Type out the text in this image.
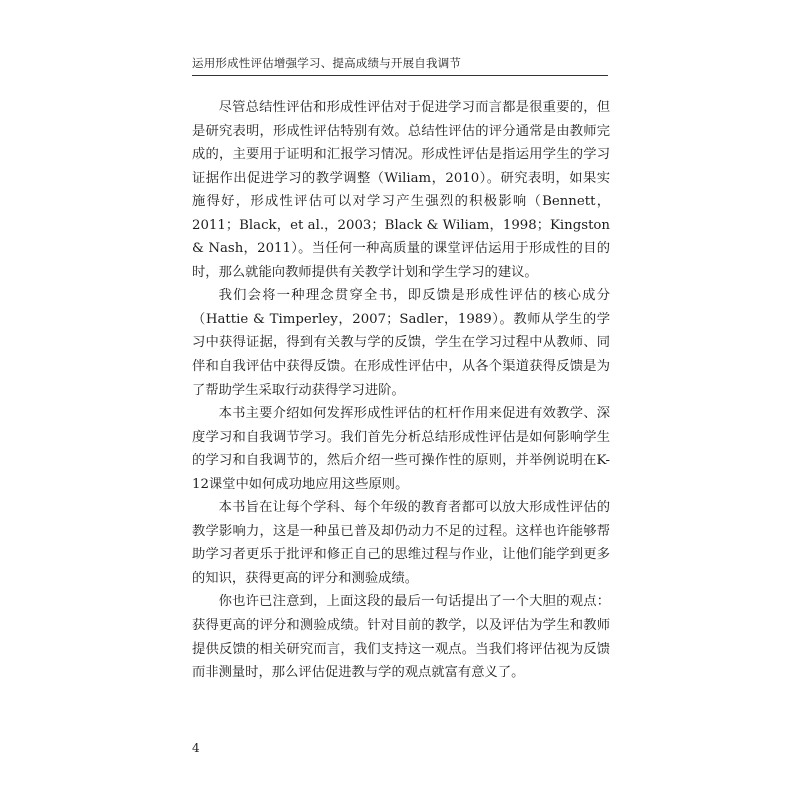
运用形成性评估增强学习、提高成绩与开展自我调节

尽管总结性评估和形成性评估对于促进学习而言都是很重要的，但是研究表明，形成性评估特别有效。总结性评估的评分通常是由教师完成的，主要用于证明和汇报学习情况。形成性评估是指运用学生的学习证据作出促进学习的教学调整（Wiliam，2010）。研究表明，如果实施得好，形成性评估可以对学习产生强烈的积极影响（Bennett，2011；Black，et al.，2003；Black & Wiliam，1998；Kingston & Nash，2011）。当任何一种高质量的课堂评估运用于形成性的目的时，那么就能向教师提供有关教学计划和学生学习的建议。

我们会将一种理念贯穿全书，即反馈是形成性评估的核心成分（Hattie & Timperley，2007；Sadler，1989）。教师从学生的学习中获得证据，得到有关教与学的反馈，学生在学习过程中从教师、同伴和自我评估中获得反馈。在形成性评估中，从各个渠道获得反馈是为了帮助学生采取行动获得学习进阶。

本书主要介绍如何发挥形成性评估的杠杆作用来促进有效教学、深度学习和自我调节学习。我们首先分析总结形成性评估是如何影响学生的学习和自我调节的，然后介绍一些可操作性的原则，并举例说明在K-12课堂中如何成功地应用这些原则。

本书旨在让每个学科、每个年级的教育者都可以放大形成性评估的教学影响力，这是一种虽已普及却仍动力不足的过程。这样也许能够帮助学习者更乐于批评和修正自己的思维过程与作业，让他们能学到更多的知识，获得更高的评分和测验成绩。

你也许已注意到，上面这段的最后一句话提出了一个大胆的观点：获得更高的评分和测验成绩。针对目前的教学，以及评估为学生和教师提供反馈的相关研究而言，我们支持这一观点。当我们将评估视为反馈而非测量时，那么评估促进教与学的观点就富有意义了。

4
